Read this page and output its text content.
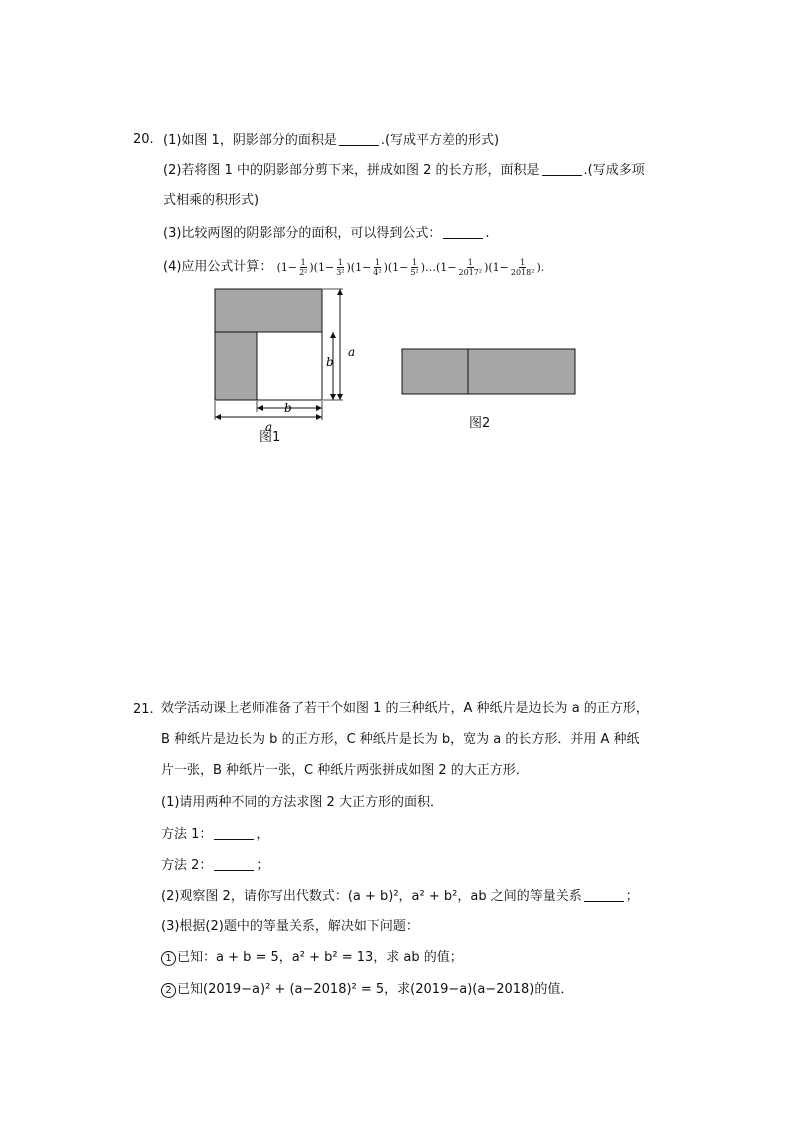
20. (1)如图 1，阴影部分的面积是	.(写成平方差的形式)
(2)若将图 1 中的阴影部分剪下来，拼成如图 2 的长方形，面积是	.(写成多项
式相乘的积形式)
(3)比较两图的阴影部分的面积，可以得到公式：	.
(4)应用公式计算： $(1- \frac{1}{\text{2²}} )(1- \frac{1}{\text{3²}} )(1- \frac{1}{\text{4²}} )(1- \frac{1}{\text{5²}}$ )…(1− $\frac{1}{\text{2017²}} )(1- \frac{1}{\text{2018²}}$ ).
a
b
a
b
图1
图2
21. 效学活动课上老师准备了若干个如图 1 的三种纸片，A 种纸片是边长为 a 的正方形，
B 种纸片是边长为 b 的正方形，C 种纸片是长为 b，宽为 a 的长方形．并用 A 种纸
片一张，B 种纸片一张，C 种纸片两张拼成如图 2 的大正方形．
(1)请用两种不同的方法求图 2 大正方形的面积．
方法 1：	，
方法 2：	；
(2)观察图 2，请你写出代数式：(a + b)²，a² + b²，ab 之间的等量关系	；
(3)根据(2)题中的等量关系，解决如下问题：
1 已知：a + b = 5，a² + b² = 13，求 ab 的值；
2 已知(2019−a)² + (a−2018)² = 5，求(2019−a)(a−2018)的值．
